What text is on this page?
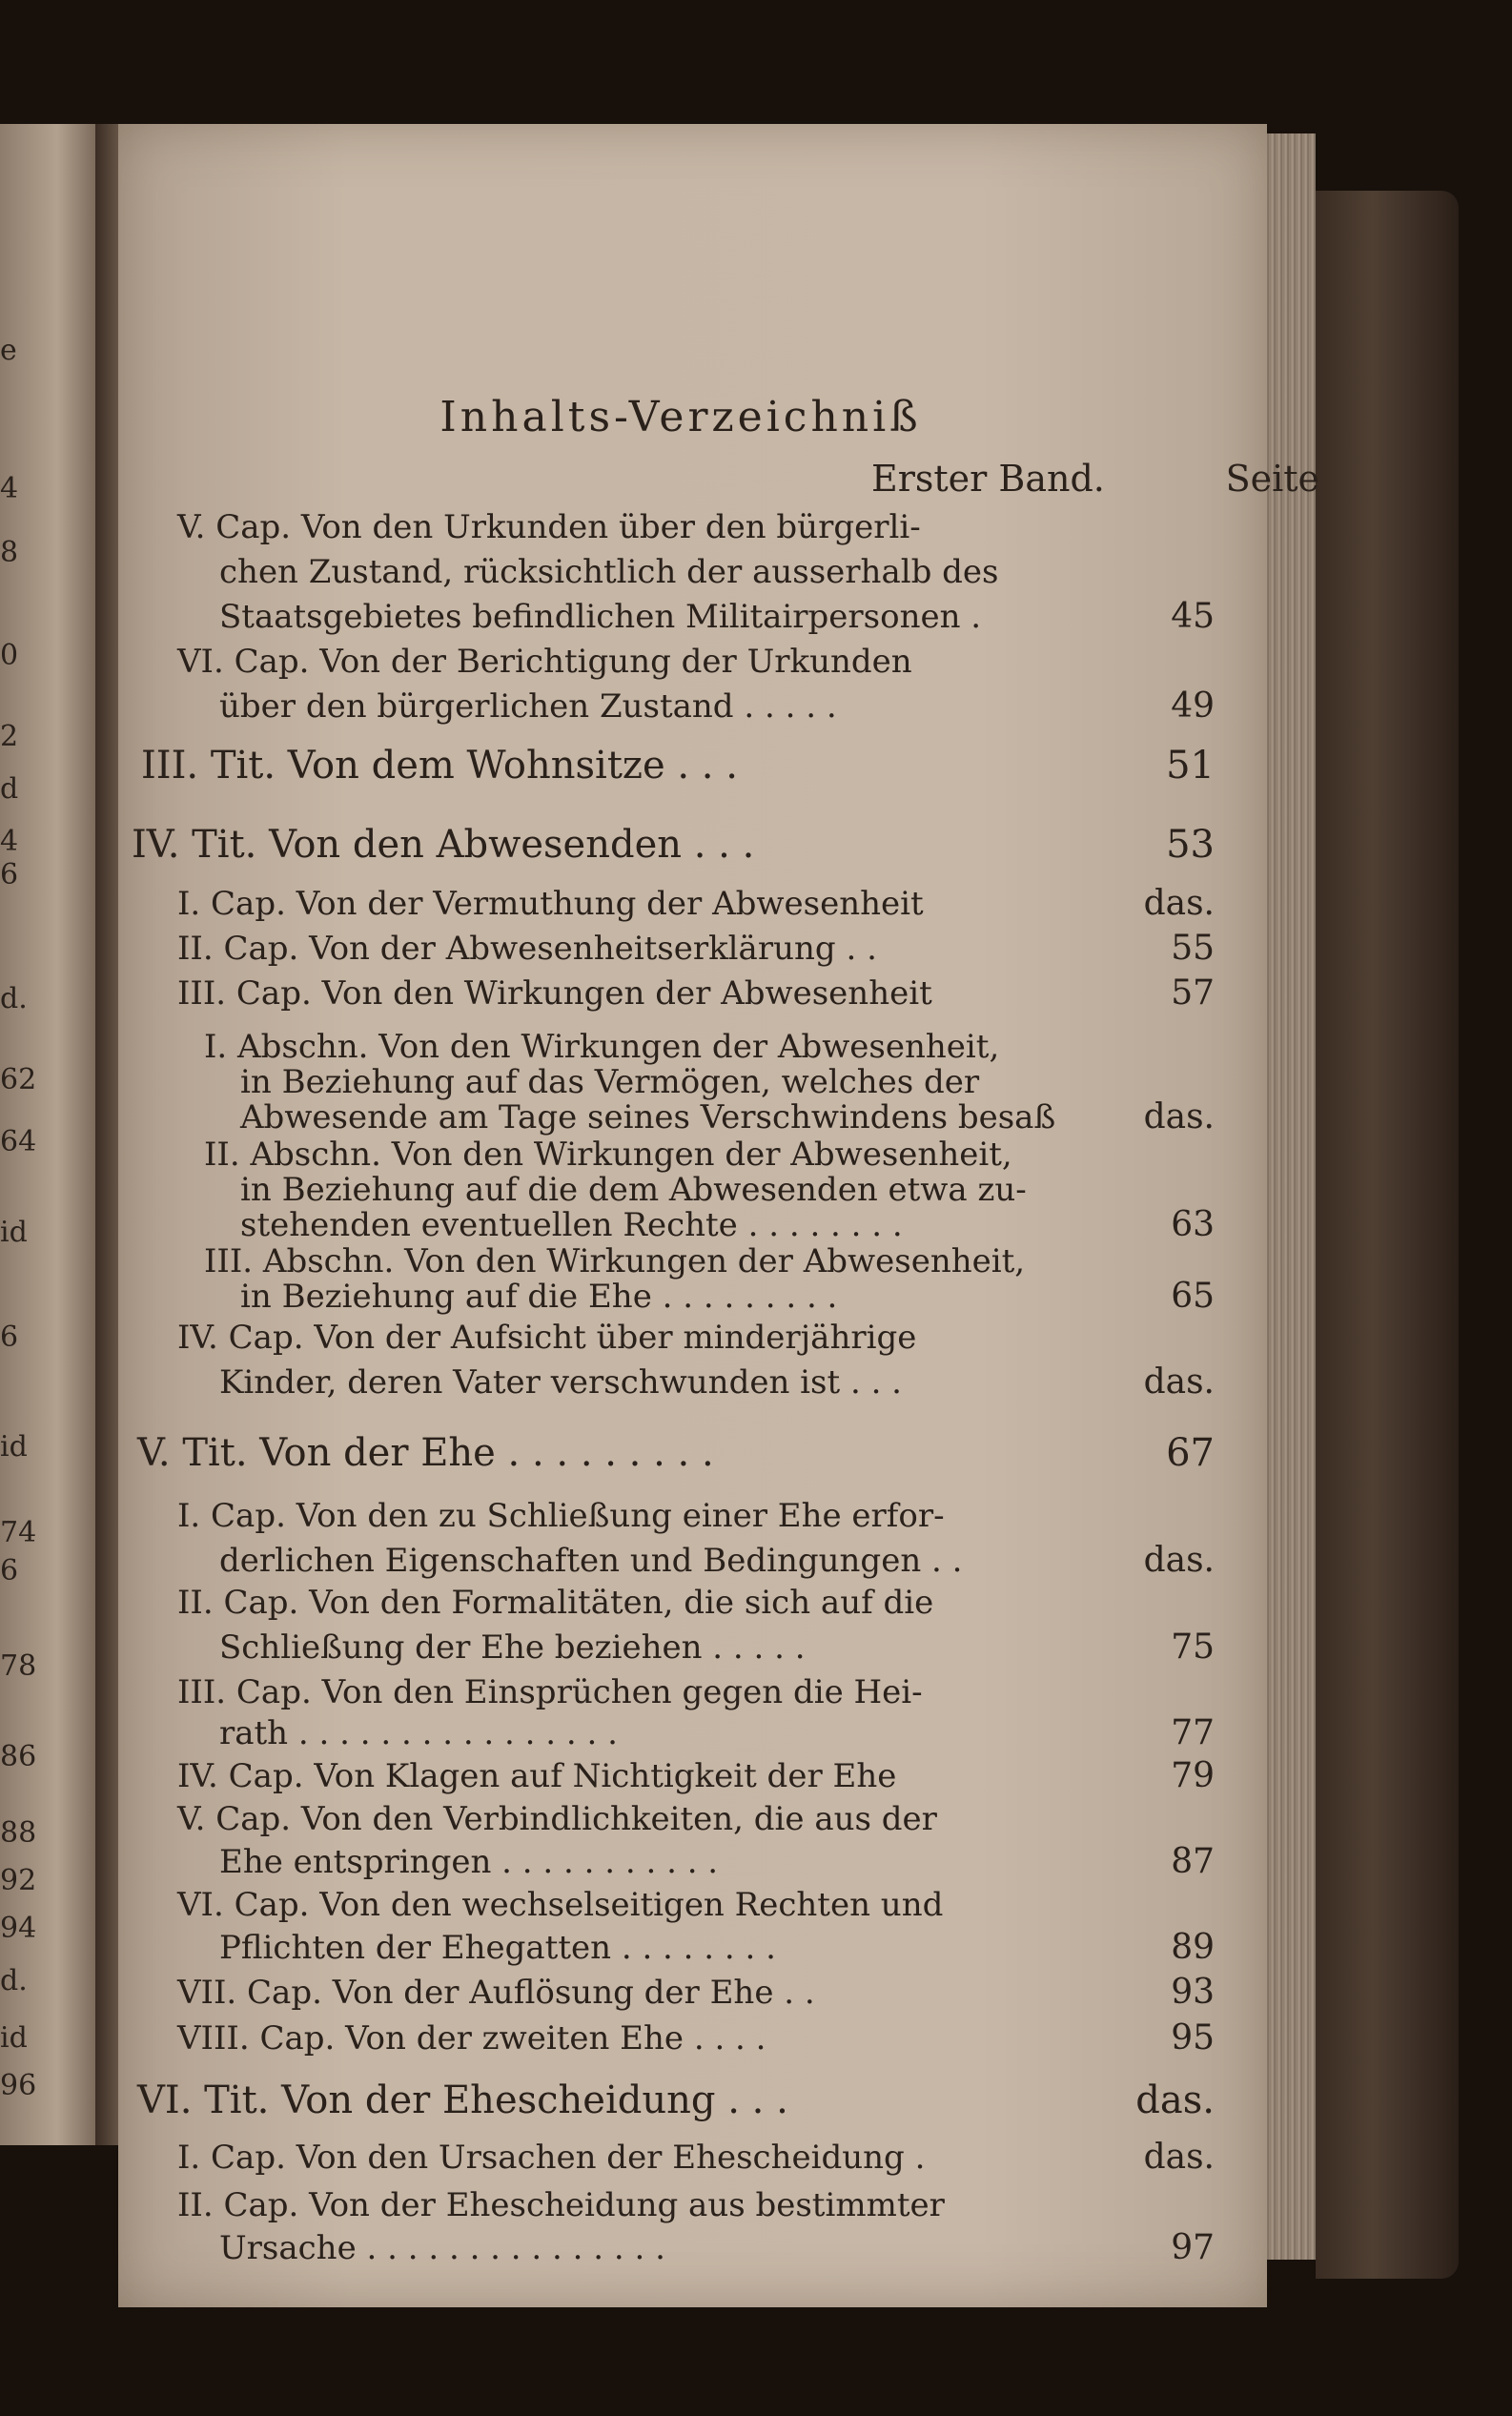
e
4
8
0
2
d
4
6
d.
62
64
id
6
id
74
6
78
86
88
92
94
d.
id
96
Inhalts-Verzeichniß
Erster Band.	Seite
V. Cap. Von den Urkunden über den bürgerli-
chen Zustand, rücksichtlich der ausserhalb des
Staatsgebietes befindlichen Militairpersonen .	45
VI. Cap. Von der Berichtigung der Urkunden
über den bürgerlichen Zustand . . . . .	49
III. Tit. Von dem Wohnsitze . . .	51
IV. Tit. Von den Abwesenden . . .	53
I. Cap. Von der Vermuthung der Abwesenheit	das.
II. Cap. Von der Abwesenheitserklärung . .	55
III. Cap. Von den Wirkungen der Abwesenheit	57
I. Abschn. Von den Wirkungen der Abwesenheit,
in Beziehung auf das Vermögen, welches der
Abwesende am Tage seines Verschwindens besaß	das.
II. Abschn. Von den Wirkungen der Abwesenheit,
in Beziehung auf die dem Abwesenden etwa zu-
stehenden eventuellen Rechte . . . . . . . .	63
III. Abschn. Von den Wirkungen der Abwesenheit,
in Beziehung auf die Ehe . . . . . . . . .	65
IV. Cap. Von der Aufsicht über minderjährige
Kinder, deren Vater verschwunden ist . . .	das.
V. Tit. Von der Ehe . . . . . . . . .	67
I. Cap. Von den zu Schließung einer Ehe erfor-
derlichen Eigenschaften und Bedingungen . .	das.
II. Cap. Von den Formalitäten, die sich auf die
Schließung der Ehe beziehen . . . . .	75
III. Cap. Von den Einsprüchen gegen die Hei-
rath . . . . . . . . . . . . . . . .	77
IV. Cap. Von Klagen auf Nichtigkeit der Ehe	79
V. Cap. Von den Verbindlichkeiten, die aus der
Ehe entspringen . . . . . . . . . . .	87
VI. Cap. Von den wechselseitigen Rechten und
Pflichten der Ehegatten . . . . . . . .	89
VII. Cap. Von der Auflösung der Ehe . .	93
VIII. Cap. Von der zweiten Ehe . . . .	95
VI. Tit. Von der Ehescheidung . . .	das.
I. Cap. Von den Ursachen der Ehescheidung .	das.
II. Cap. Von der Ehescheidung aus bestimmter
Ursache . . . . . . . . . . . . . . .	97
